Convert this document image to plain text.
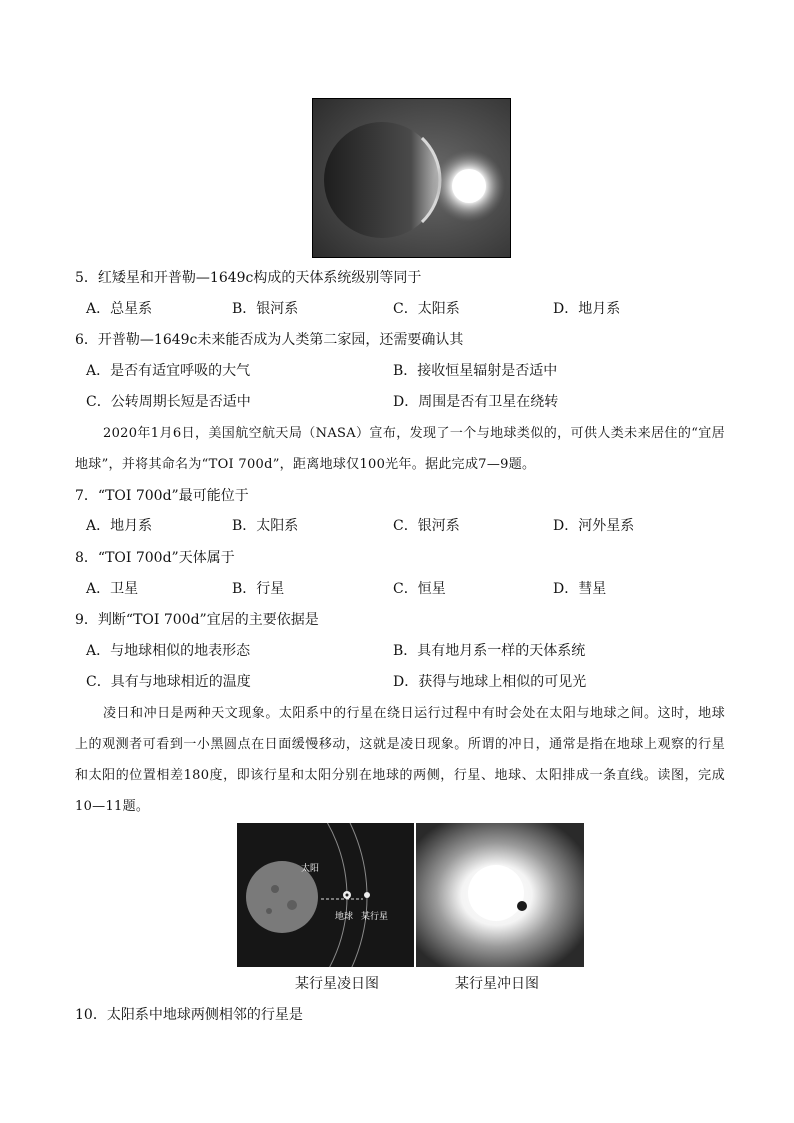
5．红矮星和开普勒—1649c构成的天体系统级别等同于
A．总星系	B．银河系	C．太阳系	D．地月系
6．开普勒—1649c未来能否成为人类第二家园，还需要确认其
A．是否有适宜呼吸的大气	B．接收恒星辐射是否适中
C．公转周期长短是否适中	D．周围是否有卫星在绕转
2020年1月6日，美国航空航天局（NASA）宣布，发现了一个与地球类似的，可供人类未来居住的“宜居地球”，并将其命名为“TOI 700d”，距离地球仅100光年。据此完成7—9题。
7．“TOI 700d”最可能位于
A．地月系	B．太阳系	C．银河系	D．河外星系
8．“TOI 700d”天体属于
A．卫星	B．行星	C．恒星	D．彗星
9．判断“TOI 700d”宜居的主要依据是
A．与地球相似的地表形态	B．具有地月系一样的天体系统
C．具有与地球相近的温度	D．获得与地球上相似的可见光
凌日和冲日是两种天文现象。太阳系中的行星在绕日运行过程中有时会处在太阳与地球之间。这时，地球上的观测者可看到一小黑圆点在日面缓慢移动，这就是凌日现象。所谓的冲日，通常是指在地球上观察的行星和太阳的位置相差180度，即该行星和太阳分别在地球的两侧，行星、地球、太阳排成一条直线。读图，完成10—11题。
太阳
地球 某行星
某行星凌日图	某行星冲日图
10．太阳系中地球两侧相邻的行星是
